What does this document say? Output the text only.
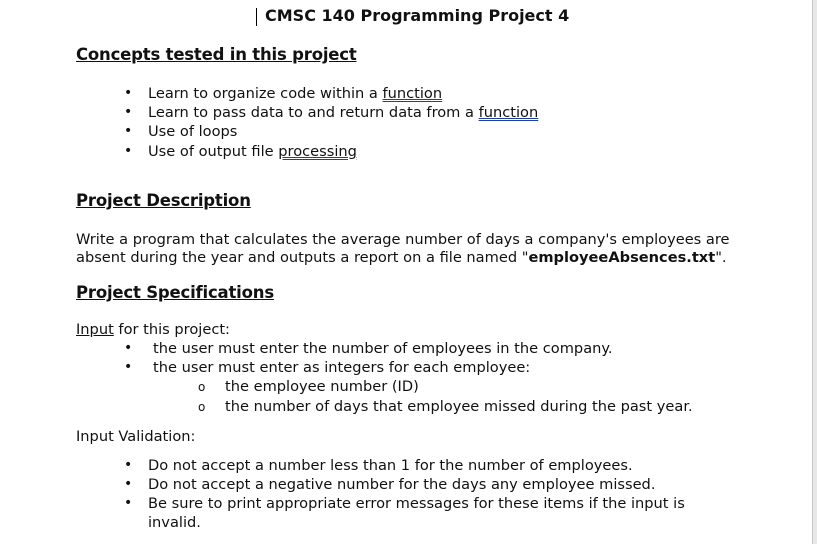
CMSC 140 Programming Project 4
Concepts tested in this project
• Learn to organize code within a function
• Learn to pass data to and return data from a function
• Use of loops
• Use of output file processing
Project Description
Write a program that calculates the average number of days a company's employees are
absent during the year and outputs a report on a file named "employeeAbsences.txt".
Project Specifications
Input for this project:
• the user must enter the number of employees in the company.
• the user must enter as integers for each employee:
o the employee number (ID)
o the number of days that employee missed during the past year.
Input Validation:
• Do not accept a number less than 1 for the number of employees.
• Do not accept a negative number for the days any employee missed.
• Be sure to print appropriate error messages for these items if the input is
invalid.
